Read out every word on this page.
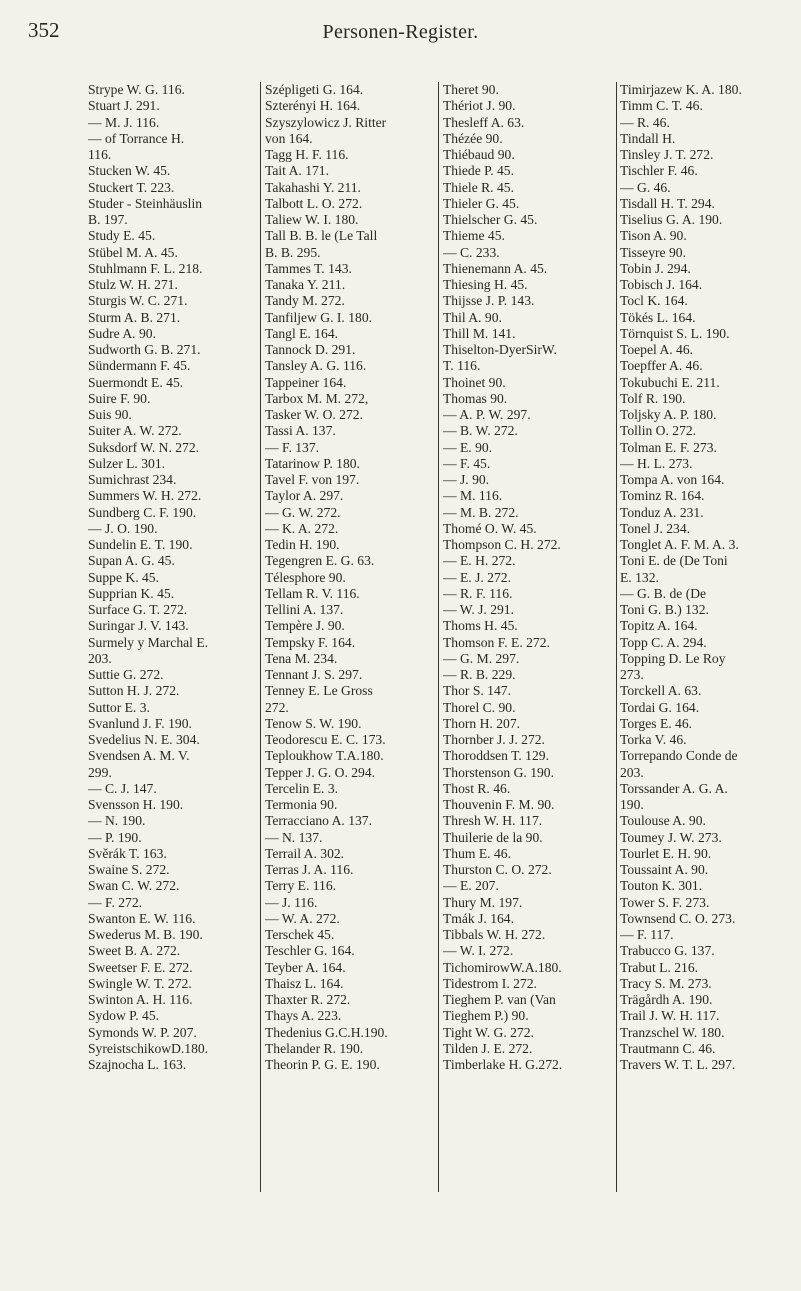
352	Personen-Register.
Strype W. G. 116.
Stuart J. 291.
— M. J. 116.
— of Torrance H.
116.
Stucken W. 45.
Stuckert T. 223.
Studer - Steinhäuslin
B. 197.
Study E. 45.
Stübel M. A. 45.
Stuhlmann F. L. 218.
Stulz W. H. 271.
Sturgis W. C. 271.
Sturm A. B. 271.
Sudre A. 90.
Sudworth G. B. 271.
Sündermann F. 45.
Suermondt E. 45.
Suire F. 90.
Suis 90.
Suiter A. W. 272.
Suksdorf W. N. 272.
Sulzer L. 301.
Sumichrast 234.
Summers W. H. 272.
Sundberg C. F. 190.
— J. O. 190.
Sundelin E. T. 190.
Supan A. G. 45.
Suppe K. 45.
Supprian K. 45.
Surface G. T. 272.
Suringar J. V. 143.
Surmely y Marchal E.
203.
Suttie G. 272.
Sutton H. J. 272.
Suttor E. 3.
Svanlund J. F. 190.
Svedelius N. E. 304.
Svendsen A. M. V.
299.
— C. J. 147.
Svensson H. 190.
— N. 190.
— P. 190.
Svěrák T. 163.
Swaine S. 272.
Swan C. W. 272.
— F. 272.
Swanton E. W. 116.
Swederus M. B. 190.
Sweet B. A. 272.
Sweetser F. E. 272.
Swingle W. T. 272.
Swinton A. H. 116.
Sydow P. 45.
Symonds W. P. 207.
SyreistschikowD.180.
Szajnocha L. 163.
Szépligeti G. 164.
Szterényi H. 164.
Szyszylowicz J. Ritter
von 164.
Tagg H. F. 116.
Tait A. 171.
Takahashi Y. 211.
Talbott L. O. 272.
Taliew W. I. 180.
Tall B. B. le (Le Tall
B. B. 295.
Tammes T. 143.
Tanaka Y. 211.
Tandy M. 272.
Tanfiljew G. I. 180.
Tangl E. 164.
Tannock D. 291.
Tansley A. G. 116.
Tappeiner 164.
Tarbox M. M. 272,
Tasker W. O. 272.
Tassi A. 137.
— F. 137.
Tatarinow P. 180.
Tavel F. von 197.
Taylor A. 297.
— G. W. 272.
— K. A. 272.
Tedin H. 190.
Tegengren E. G. 63.
Télesphore 90.
Tellam R. V. 116.
Tellini A. 137.
Tempère J. 90.
Tempsky F. 164.
Tena M. 234.
Tennant J. S. 297.
Tenney E. Le Gross
272.
Tenow S. W. 190.
Teodorescu E. C. 173.
Teploukhow T.A.180.
Tepper J. G. O. 294.
Tercelin E. 3.
Termonia 90.
Terracciano A. 137.
— N. 137.
Terrail A. 302.
Terras J. A. 116.
Terry E. 116.
— J. 116.
— W. A. 272.
Terschek 45.
Teschler G. 164.
Teyber A. 164.
Thaisz L. 164.
Thaxter R. 272.
Thays A. 223.
Thedenius G.C.H.190.
Thelander R. 190.
Theorin P. G. E. 190.
Theret 90.
Thériot J. 90.
Thesleff A. 63.
Thézée 90.
Thiébaud 90.
Thiede P. 45.
Thiele R. 45.
Thieler G. 45.
Thielscher G. 45.
Thieme 45.
— C. 233.
Thienemann A. 45.
Thiesing H. 45.
Thijsse J. P. 143.
Thil A. 90.
Thill M. 141.
Thiselton-DyerSirW.
T. 116.
Thoinet 90.
Thomas 90.
— A. P. W. 297.
— B. W. 272.
— E. 90.
— F. 45.
— J. 90.
— M. 116.
— M. B. 272.
Thomé O. W. 45.
Thompson C. H. 272.
— E. H. 272.
— E. J. 272.
— R. F. 116.
— W. J. 291.
Thoms H. 45.
Thomson F. E. 272.
— G. M. 297.
— R. B. 229.
Thor S. 147.
Thorel C. 90.
Thorn H. 207.
Thornber J. J. 272.
Thoroddsen T. 129.
Thorstenson G. 190.
Thost R. 46.
Thouvenin F. M. 90.
Thresh W. H. 117.
Thuilerie de la 90.
Thum E. 46.
Thurston C. O. 272.
— E. 207.
Thury M. 197.
Tmák J. 164.
Tibbals W. H. 272.
— W. I. 272.
TichomirowW.A.180.
Tidestrom I. 272.
Tieghem P. van (Van
Tieghem P.) 90.
Tight W. G. 272.
Tilden J. E. 272.
Timberlake H. G.272.
Timirjazew K. A. 180.
Timm C. T. 46.
— R. 46.
Tindall H.
Tinsley J. T. 272.
Tischler F. 46.
— G. 46.
Tisdall H. T. 294.
Tiselius G. A. 190.
Tison A. 90.
Tisseyre 90.
Tobin J. 294.
Tobisch J. 164.
Tocl K. 164.
Tökés L. 164.
Törnquist S. L. 190.
Toepel A. 46.
Toepffer A. 46.
Tokubuchi E. 211.
Tolf R. 190.
Toljsky A. P. 180.
Tollin O. 272.
Tolman E. F. 273.
— H. L. 273.
Tompa A. von 164.
Tominz R. 164.
Tonduz A. 231.
Tonel J. 234.
Tonglet A. F. M. A. 3.
Toni E. de (De Toni
E. 132.
— G. B. de (De
Toni G. B.) 132.
Topitz A. 164.
Topp C. A. 294.
Topping D. Le Roy
273.
Torckell A. 63.
Tordai G. 164.
Torges E. 46.
Torka V. 46.
Torrepando Conde de
203.
Torssander A. G. A.
190.
Toulouse A. 90.
Toumey J. W. 273.
Tourlet E. H. 90.
Toussaint A. 90.
Touton K. 301.
Tower S. F. 273.
Townsend C. O. 273.
— F. 117.
Trabucco G. 137.
Trabut L. 216.
Tracy S. M. 273.
Trägårdh A. 190.
Trail J. W. H. 117.
Tranzschel W. 180.
Trautmann C. 46.
Travers W. T. L. 297.
